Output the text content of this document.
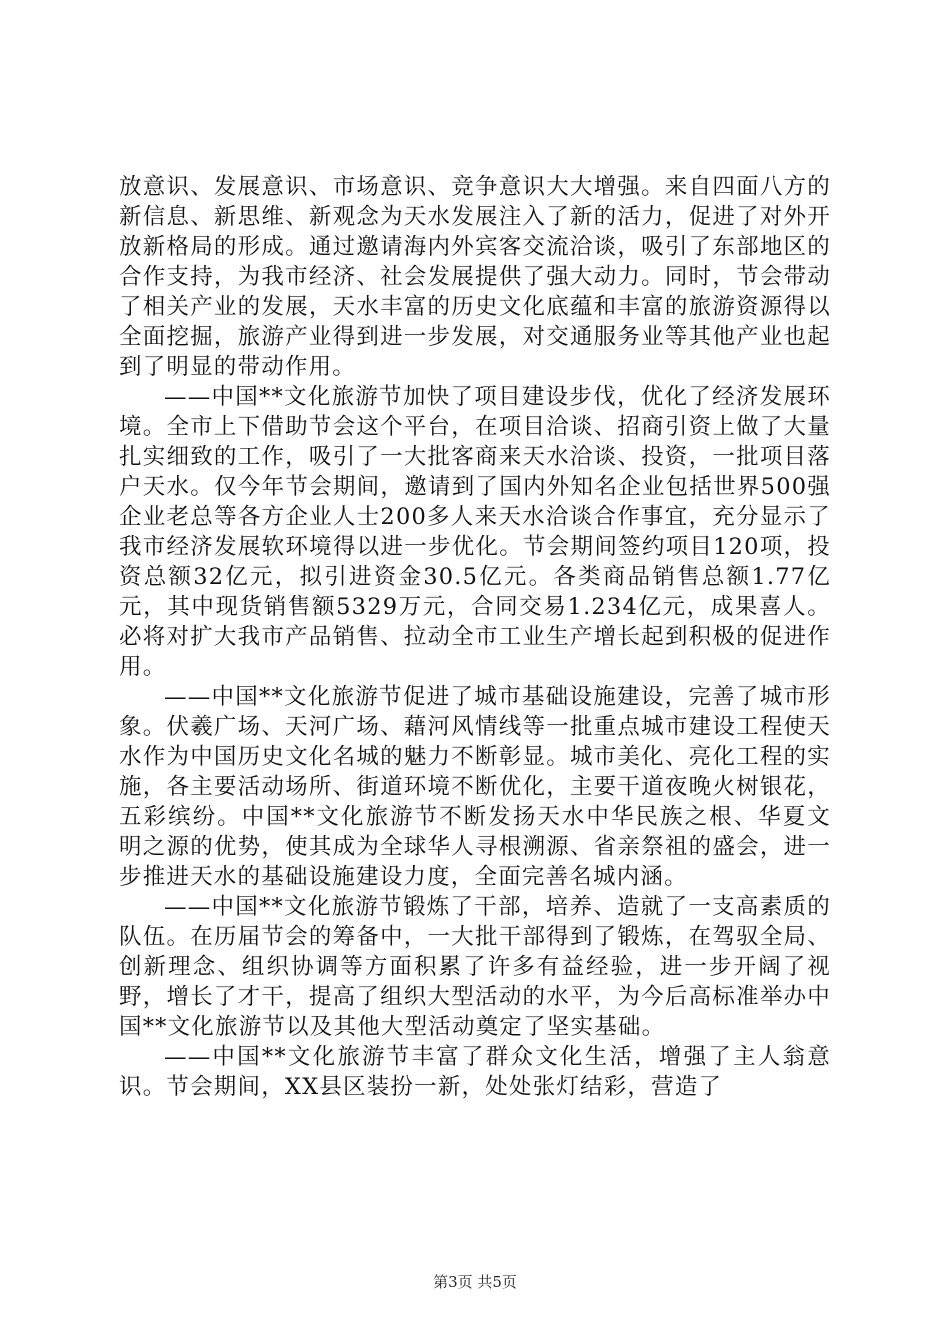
放意识、发展意识、市场意识、竞争意识大大增强。来自四面八方的新信息、新思维、新观念为天水发展注入了新的活力，促进了对外开放新格局的形成。通过邀请海内外宾客交流洽谈，吸引了东部地区的合作支持，为我市经济、社会发展提供了强大动力。同时，节会带动了相关产业的发展，天水丰富的历史文化底蕴和丰富的旅游资源得以全面挖掘，旅游产业得到进一步发展，对交通服务业等其他产业也起到了明显的带动作用。

——中国**文化旅游节加快了项目建设步伐，优化了经济发展环境。全市上下借助节会这个平台，在项目洽谈、招商引资上做了大量扎实细致的工作，吸引了一大批客商来天水洽谈、投资，一批项目落户天水。仅今年节会期间，邀请到了国内外知名企业包括世界500强企业老总等各方企业人士200多人来天水洽谈合作事宜，充分显示了我市经济发展软环境得以进一步优化。节会期间签约项目120项，投资总额32亿元，拟引进资金30.5亿元。各类商品销售总额1.77亿元，其中现货销售额5329万元，合同交易1.234亿元，成果喜人。必将对扩大我市产品销售、拉动全市工业生产增长起到积极的促进作用。

——中国**文化旅游节促进了城市基础设施建设，完善了城市形象。伏羲广场、天河广场、藉河风情线等一批重点城市建设工程使天水作为中国历史文化名城的魅力不断彰显。城市美化、亮化工程的实施，各主要活动场所、街道环境不断优化，主要干道夜晚火树银花，五彩缤纷。中国**文化旅游节不断发扬天水中华民族之根、华夏文明之源的优势，使其成为全球华人寻根溯源、省亲祭祖的盛会，进一步推进天水的基础设施建设力度，全面完善名城内涵。

——中国**文化旅游节锻炼了干部，培养、造就了一支高素质的队伍。在历届节会的筹备中，一大批干部得到了锻炼，在驾驭全局、创新理念、组织协调等方面积累了许多有益经验，进一步开阔了视野，增长了才干，提高了组织大型活动的水平，为今后高标准举办中国**文化旅游节以及其他大型活动奠定了坚实基础。

——中国**文化旅游节丰富了群众文化生活，增强了主人翁意识。节会期间，XX县区装扮一新，处处张灯结彩，营造了

第3页 共5页
